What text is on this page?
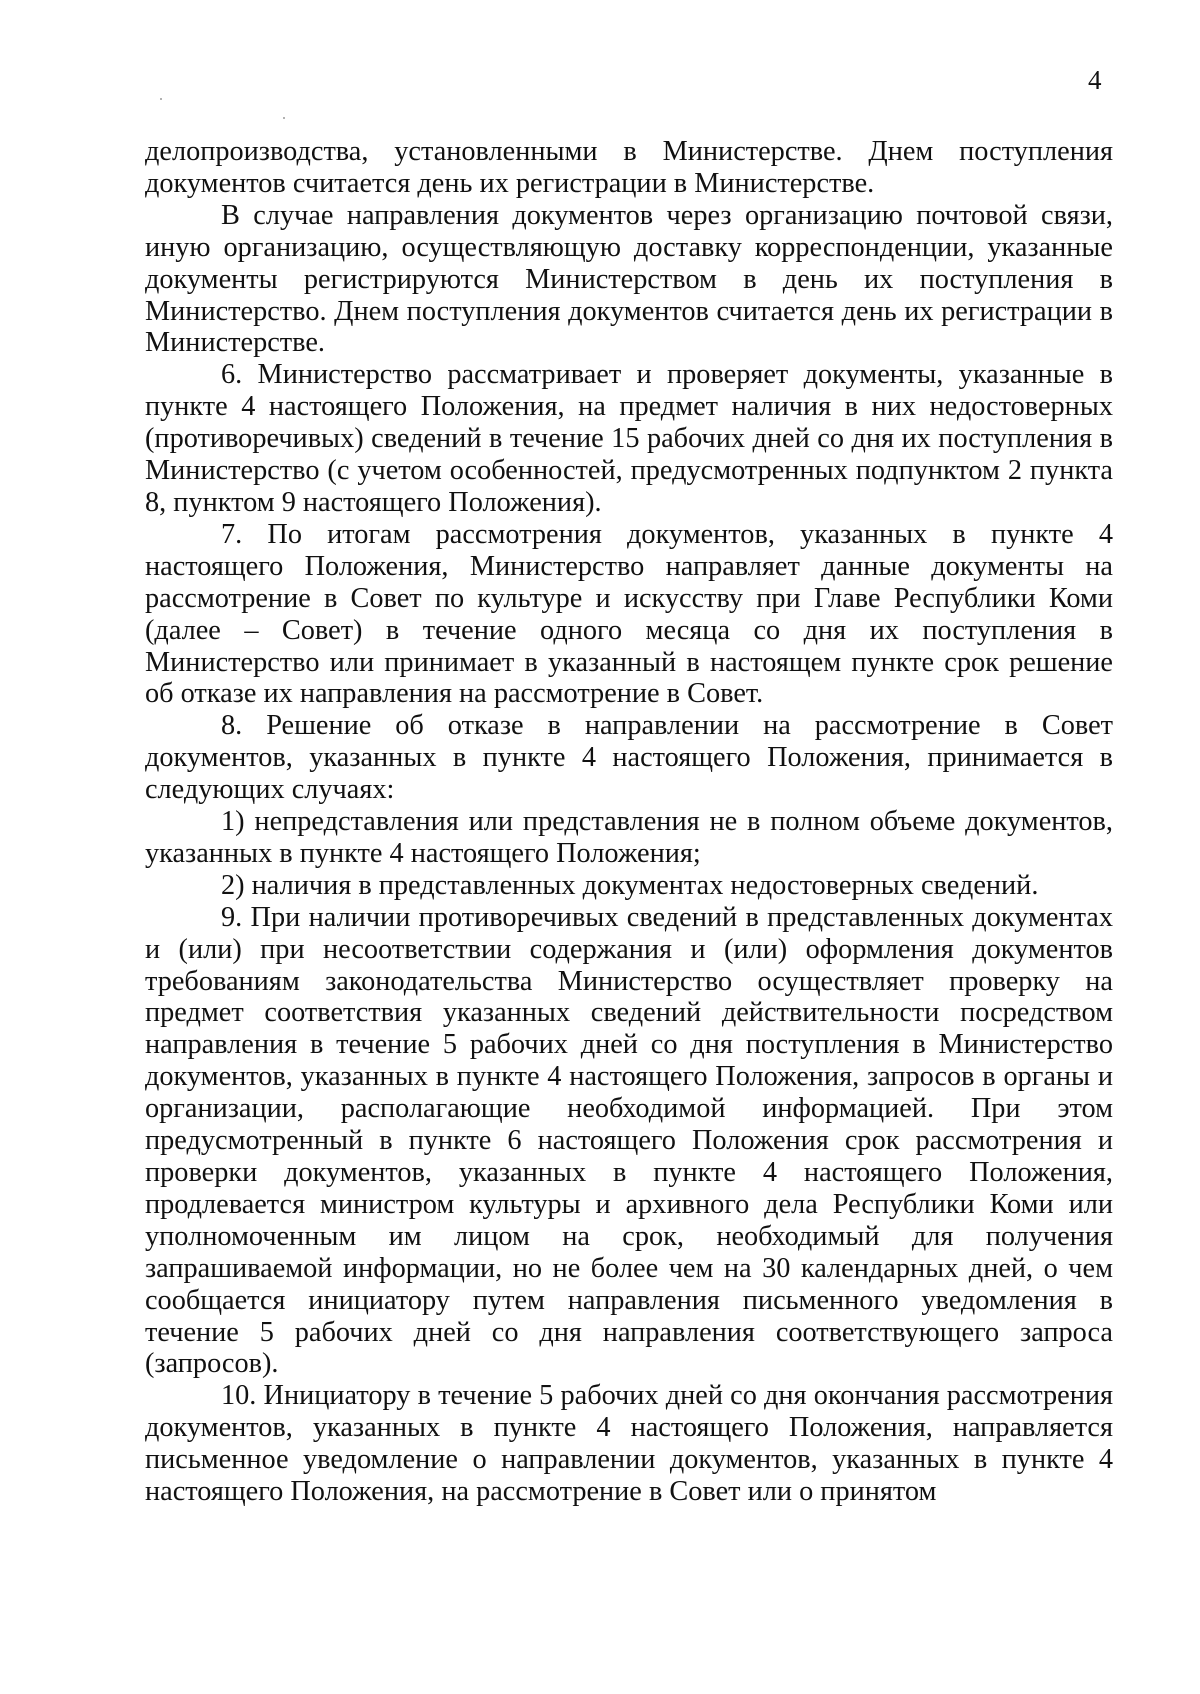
4

делопроизводства, установленными в Министерстве. Днем поступления документов считается день их регистрации в Министерстве.

В случае направления документов через организацию почтовой связи, иную организацию, осуществляющую доставку корреспонденции, указанные документы регистрируются Министерством в день их поступления в Министерство. Днем поступления документов считается день их регистрации в Министерстве.

6. Министерство рассматривает и проверяет документы, указанные в пункте 4 настоящего Положения, на предмет наличия в них недостоверных (противоречивых) сведений в течение 15 рабочих дней со дня их поступления в Министерство (с учетом особенностей, предусмотренных подпунктом 2 пункта 8, пунктом 9 настоящего Положения).

7. По итогам рассмотрения документов, указанных в пункте 4 настоящего Положения, Министерство направляет данные документы на рассмотрение в Совет по культуре и искусству при Главе Республики Коми (далее – Совет) в течение одного месяца со дня их поступления в Министерство или принимает в указанный в настоящем пункте срок решение об отказе их направления на рассмотрение в Совет.

8. Решение об отказе в направлении на рассмотрение в Совет документов, указанных в пункте 4 настоящего Положения, принимается в следующих случаях:

1) непредставления или представления не в полном объеме документов, указанных в пункте 4 настоящего Положения;

2) наличия в представленных документах недостоверных сведений.

9. При наличии противоречивых сведений в представленных документах и (или) при несоответствии содержания и (или) оформления документов требованиям законодательства Министерство осуществляет проверку на предмет соответствия указанных сведений действительности посредством направления в течение 5 рабочих дней со дня поступления в Министерство документов, указанных в пункте 4 настоящего Положения, запросов в органы и организации, располагающие необходимой информацией. При этом предусмотренный в пункте 6 настоящего Положения срок рассмотрения и проверки документов, указанных в пункте 4 настоящего Положения, продлевается министром культуры и архивного дела Республики Коми или уполномоченным им лицом на срок, необходимый для получения запрашиваемой информации, но не более чем на 30 календарных дней, о чем сообщается инициатору путем направления письменного уведомления в течение 5 рабочих дней со дня направления соответствующего запроса (запросов).

10. Инициатору в течение 5 рабочих дней со дня окончания рассмотрения документов, указанных в пункте 4 настоящего Положения, направляется письменное уведомление о направлении документов, указанных в пункте 4 настоящего Положения, на рассмотрение в Совет или о принятом
